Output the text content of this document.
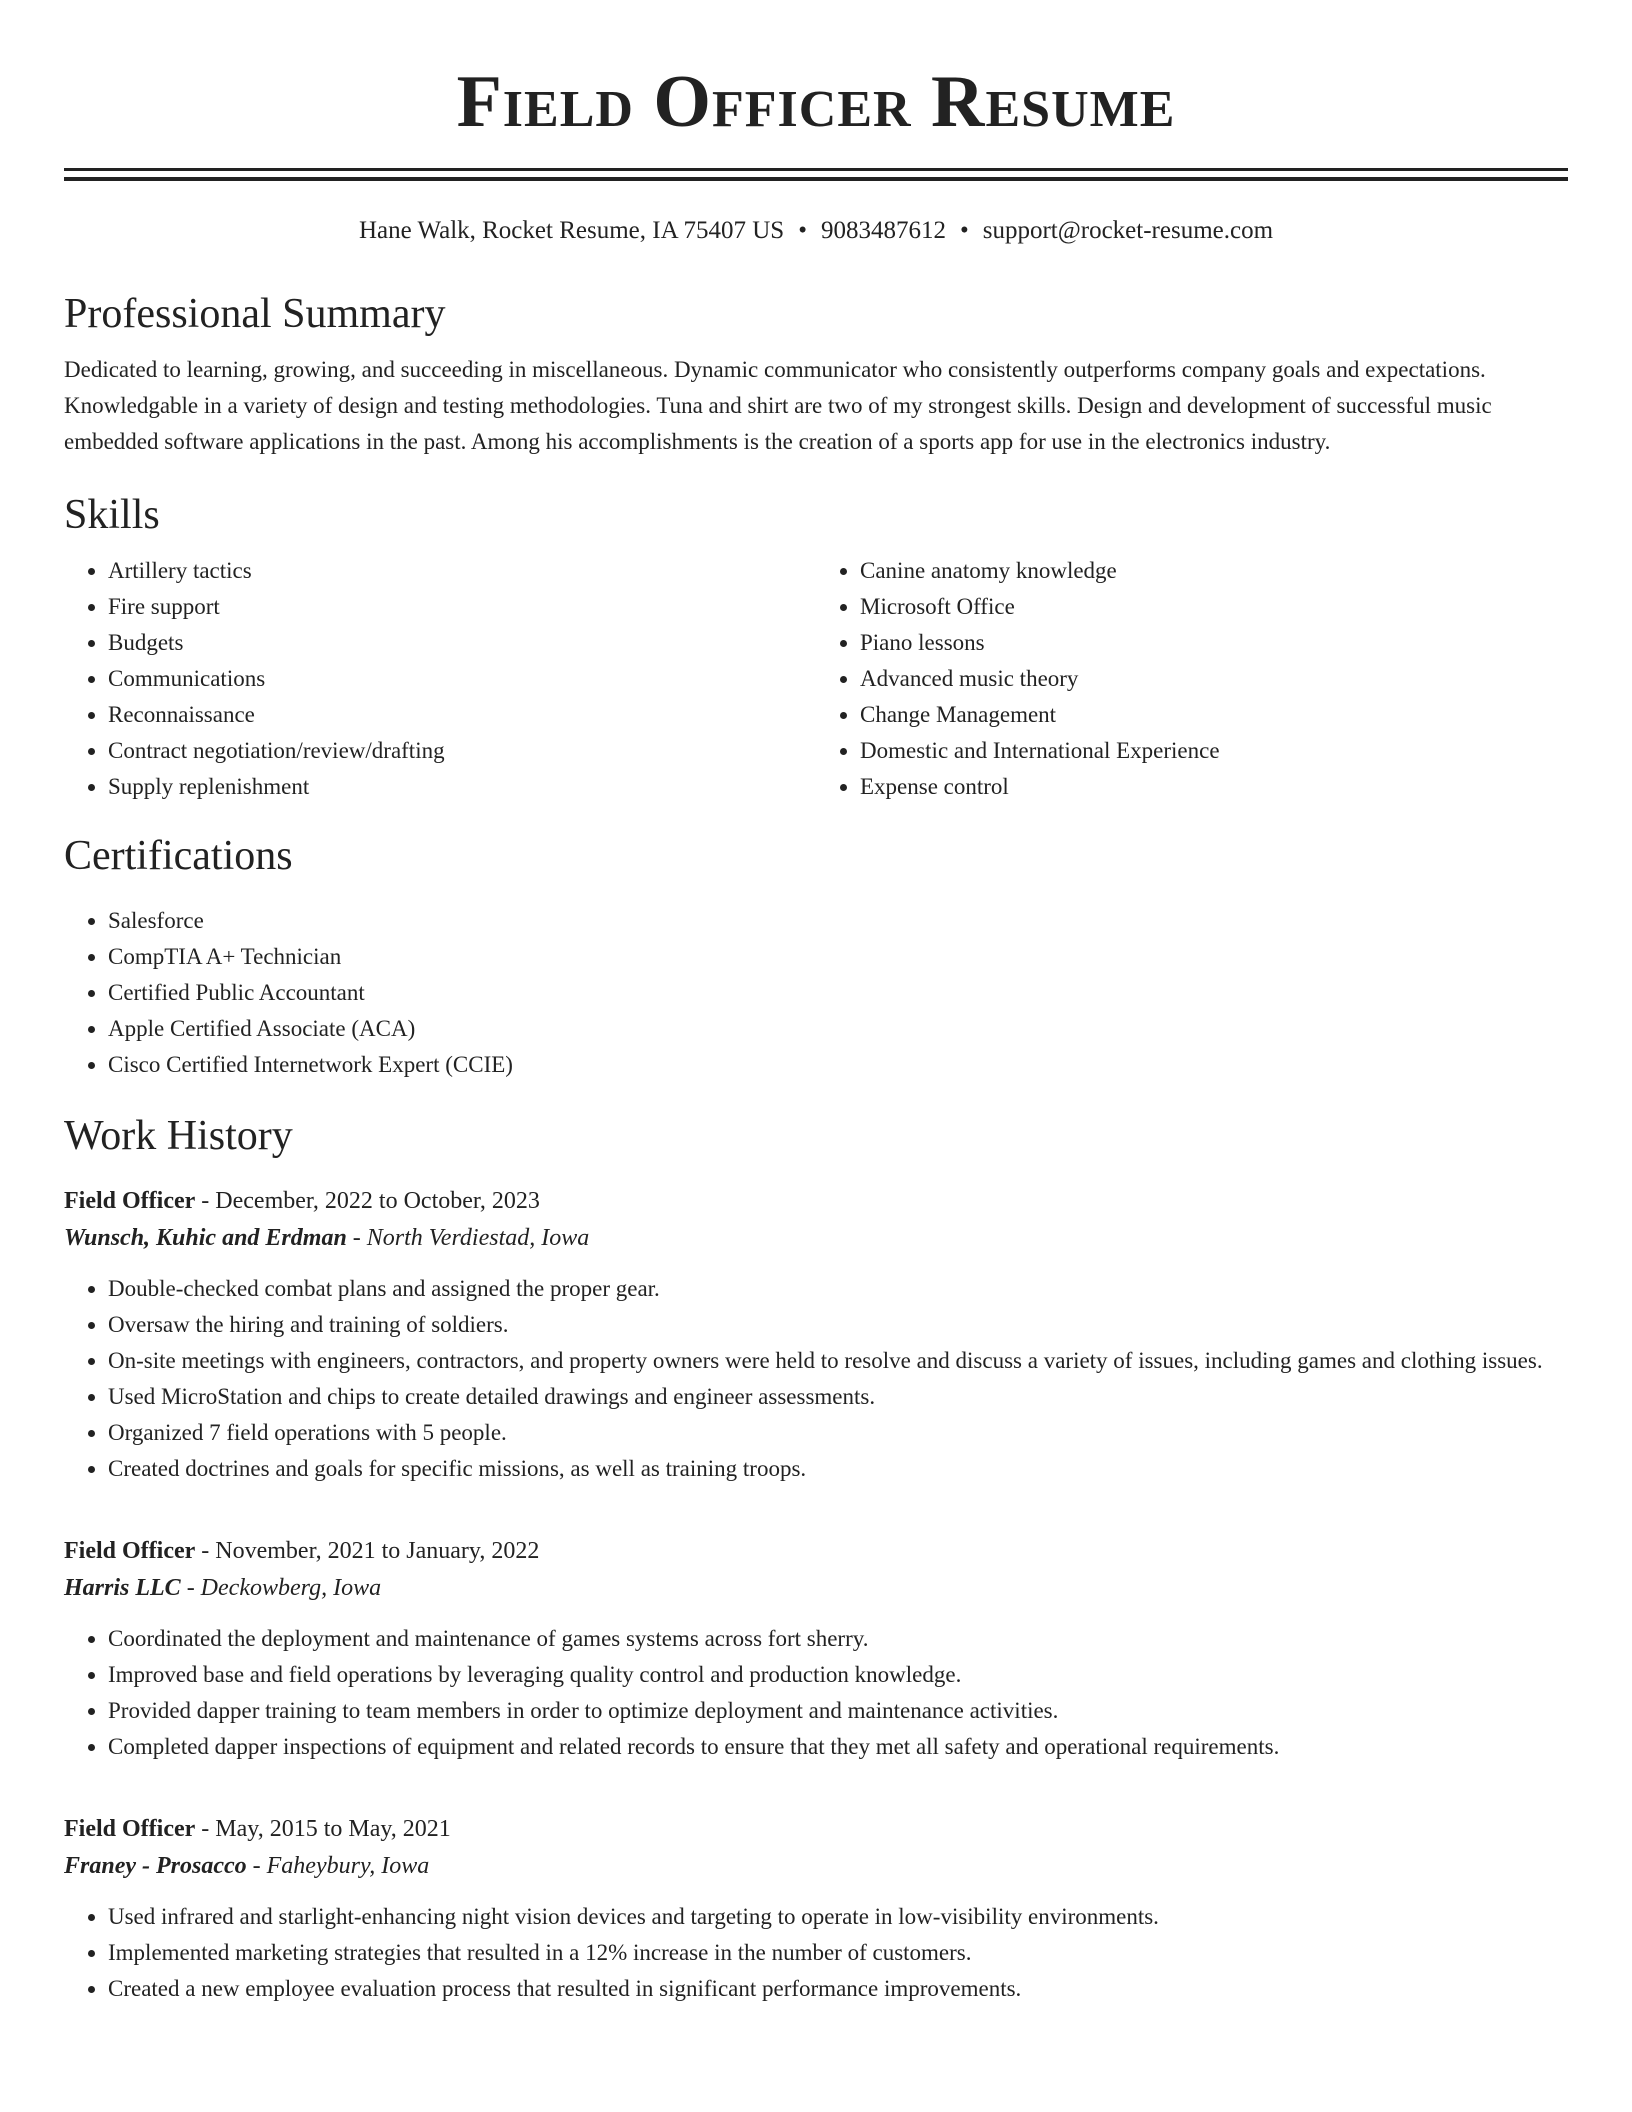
Field Officer Resume
Hane Walk, Rocket Resume, IA 75407 US • 9083487612 • support@rocket-resume.com
Professional Summary

Dedicated to learning, growing, and succeeding in miscellaneous. Dynamic communicator who consistently outperforms company goals and expectations. Knowledgable in a variety of design and testing methodologies. Tuna and shirt are two of my strongest skills. Design and development of successful music embedded software applications in the past. Among his accomplishments is the creation of a sports app for use in the electronics industry.

Skills
• Artillery tactics
• Fire support
• Budgets
• Communications
• Reconnaissance
• Contract negotiation/review/drafting
• Supply replenishment
• Canine anatomy knowledge
• Microsoft Office
• Piano lessons
• Advanced music theory
• Change Management
• Domestic and International Experience
• Expense control
Certifications
• Salesforce
• CompTIA A+ Technician
• Certified Public Accountant
• Apple Certified Associate (ACA)
• Cisco Certified Internetwork Expert (CCIE)
Work History
Field Officer - December, 2022 to October, 2023
Wunsch, Kuhic and Erdman - North Verdiestad, Iowa
• Double-checked combat plans and assigned the proper gear.
• Oversaw the hiring and training of soldiers.
• On-site meetings with engineers, contractors, and property owners were held to resolve and discuss a variety of issues, including games and clothing issues.
• Used MicroStation and chips to create detailed drawings and engineer assessments.
• Organized 7 field operations with 5 people.
• Created doctrines and goals for specific missions, as well as training troops.
Field Officer - November, 2021 to January, 2022
Harris LLC - Deckowberg, Iowa
• Coordinated the deployment and maintenance of games systems across fort sherry.
• Improved base and field operations by leveraging quality control and production knowledge.
• Provided dapper training to team members in order to optimize deployment and maintenance activities.
• Completed dapper inspections of equipment and related records to ensure that they met all safety and operational requirements.
Field Officer - May, 2015 to May, 2021
Franey - Prosacco - Faheybury, Iowa
• Used infrared and starlight-enhancing night vision devices and targeting to operate in low-visibility environments.
• Implemented marketing strategies that resulted in a 12% increase in the number of customers.
• Created a new employee evaluation process that resulted in significant performance improvements.
